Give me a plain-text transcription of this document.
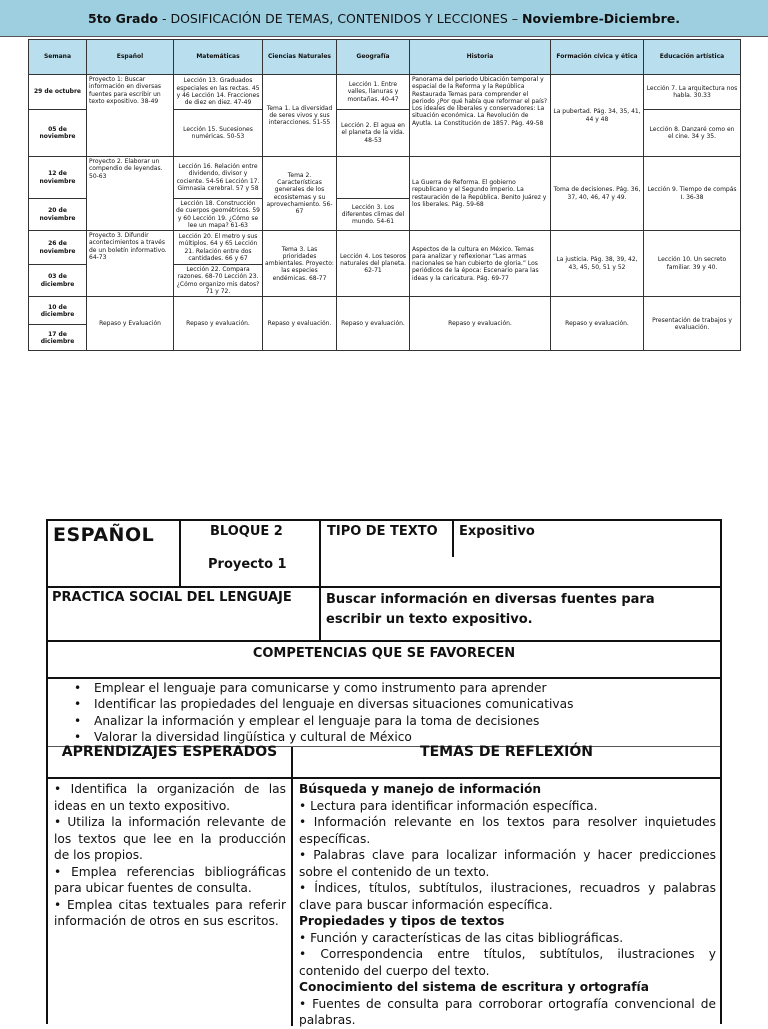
5to Grado - DOSIFICACIÓN DE TEMAS, CONTENIDOS Y LECCIONES – Noviembre-Diciembre.
Semana	Español	Matemáticas	Ciencias Naturales	Geografía	Historia	Formación cívica y ética	Educación artística
29 de octubre	Proyecto 1: Buscar información en diversas fuentes para escribir un texto expositivo. 38-49	Lección 13. Graduados especiales en las rectas. 45 y 46 Lección 14. Fracciones de diez en diez. 47-49	Tema 1. La diversidad de seres vivos y sus interacciones. 51-55	Lección 1. Entre valles, llanuras y montañas. 40-47	Panorama del periodo Ubicación temporal y espacial de la Reforma y la República Restaurada Temas para comprender el periodo ¿Por qué había que reformar el país? Los ideales de liberales y conservadores: La situación económica. La Revolución de Ayutla. La Constitución de 1857. Pág. 49-58	La pubertad. Pág. 34, 35, 41, 44 y 48	Lección 7. La arquitectura nos habla. 30.33
05 de noviembre		Lección 15. Sucesiones numéricas. 50-53		Lección 2. El agua en el planeta de la vida. 48-53			Lección 8. Danzaré como en el cine. 34 y 35.
12 de noviembre	Proyecto 2. Elaborar un compendio de leyendas. 50-63	Lección 16. Relación entre dividendo, divisor y cociente. 54-56 Lección 17. Gimnasia cerebral. 57 y 58	Tema 2. Características generales de los ecosistemas y su aprovechamiento. 56-67		La Guerra de Reforma. El gobierno republicano y el Segundo Imperio. La restauración de la República. Benito Juárez y los liberales. Pág. 59-68	Toma de decisiones. Pág. 36, 37, 40, 46, 47 y 49.	Lección 9. Tiempo de compás I. 36-38
20 de noviembre		Lección 18. Construcción de cuerpos geométricos. 59 y 60 Lección 19. ¿Cómo se lee un mapa? 61-63		Lección 3. Los diferentes climas del mundo. 54-61			
26 de noviembre	Proyecto 3. Difundir acontecimientos a través de un boletín informativo. 64-73	Lección 20. El metro y sus múltiplos. 64 y 65 Lección 21. Relación entre dos cantidades. 66 y 67	Tema 3. Las prioridades ambientales. Proyecto: las especies endémicas. 68-77	Lección 4. Los tesoros naturales del planeta. 62-71	Aspectos de la cultura en México. Temas para analizar y reflexionar “Las armas nacionales se han cubierto de gloria.” Los periódicos de la época: Escenario para las ideas y la caricatura. Pág. 69-77	La justicia. Pág. 38, 39, 42, 43, 45, 50, 51 y 52	Lección 10. Un secreto familiar. 39 y 40.
03 de diciembre		Lección 22. Compara razones. 68-70 Lección 23. ¿Cómo organizo mis datos? 71 y 72.					
10 de diciembre	Repaso y Evaluación	Repaso y evaluación.	Repaso y evaluación.	Repaso y evaluación.	Repaso y evaluación.	Repaso y evaluación.	Presentación de trabajos y evaluación.
17 de diciembre							
ESPAÑOL	BLOQUE 2
Proyecto 1
TIPO DE TEXTO Expositivo
PRACTICA SOCIAL DEL LENGUAJE	Buscar información en diversas fuentes para escribir un texto expositivo.
COMPETENCIAS QUE SE FAVORECEN
• Emplear el lenguaje para comunicarse y como instrumento para aprender
• Identificar las propiedades del lenguaje en diversas situaciones comunicativas
• Analizar la información y emplear el lenguaje para la toma de decisiones
• Valorar la diversidad lingüística y cultural de México
APRENDIZAJES ESPERADOS	TEMAS DE REFLEXIÓN
• Identifica la organización de las ideas en un texto expositivo.
• Utiliza la información relevante de los textos que lee en la producción de los propios.
• Emplea referencias bibliográficas para ubicar fuentes de consulta.
• Emplea citas textuales para referir información de otros en sus escritos.
Búsqueda y manejo de información
• Lectura para identificar información específica.
• Información relevante en los textos para resolver inquietudes específicas.
• Palabras clave para localizar información y hacer predicciones sobre el contenido de un texto.
• Índices, títulos, subtítulos, ilustraciones, recuadros y palabras clave para buscar información específica.
Propiedades y tipos de textos
• Función y características de las citas bibliográficas.
• Correspondencia entre títulos, subtítulos, ilustraciones y contenido del cuerpo del texto.
Conocimiento del sistema de escritura y ortografía
• Fuentes de consulta para corroborar ortografía convencional de palabras.
